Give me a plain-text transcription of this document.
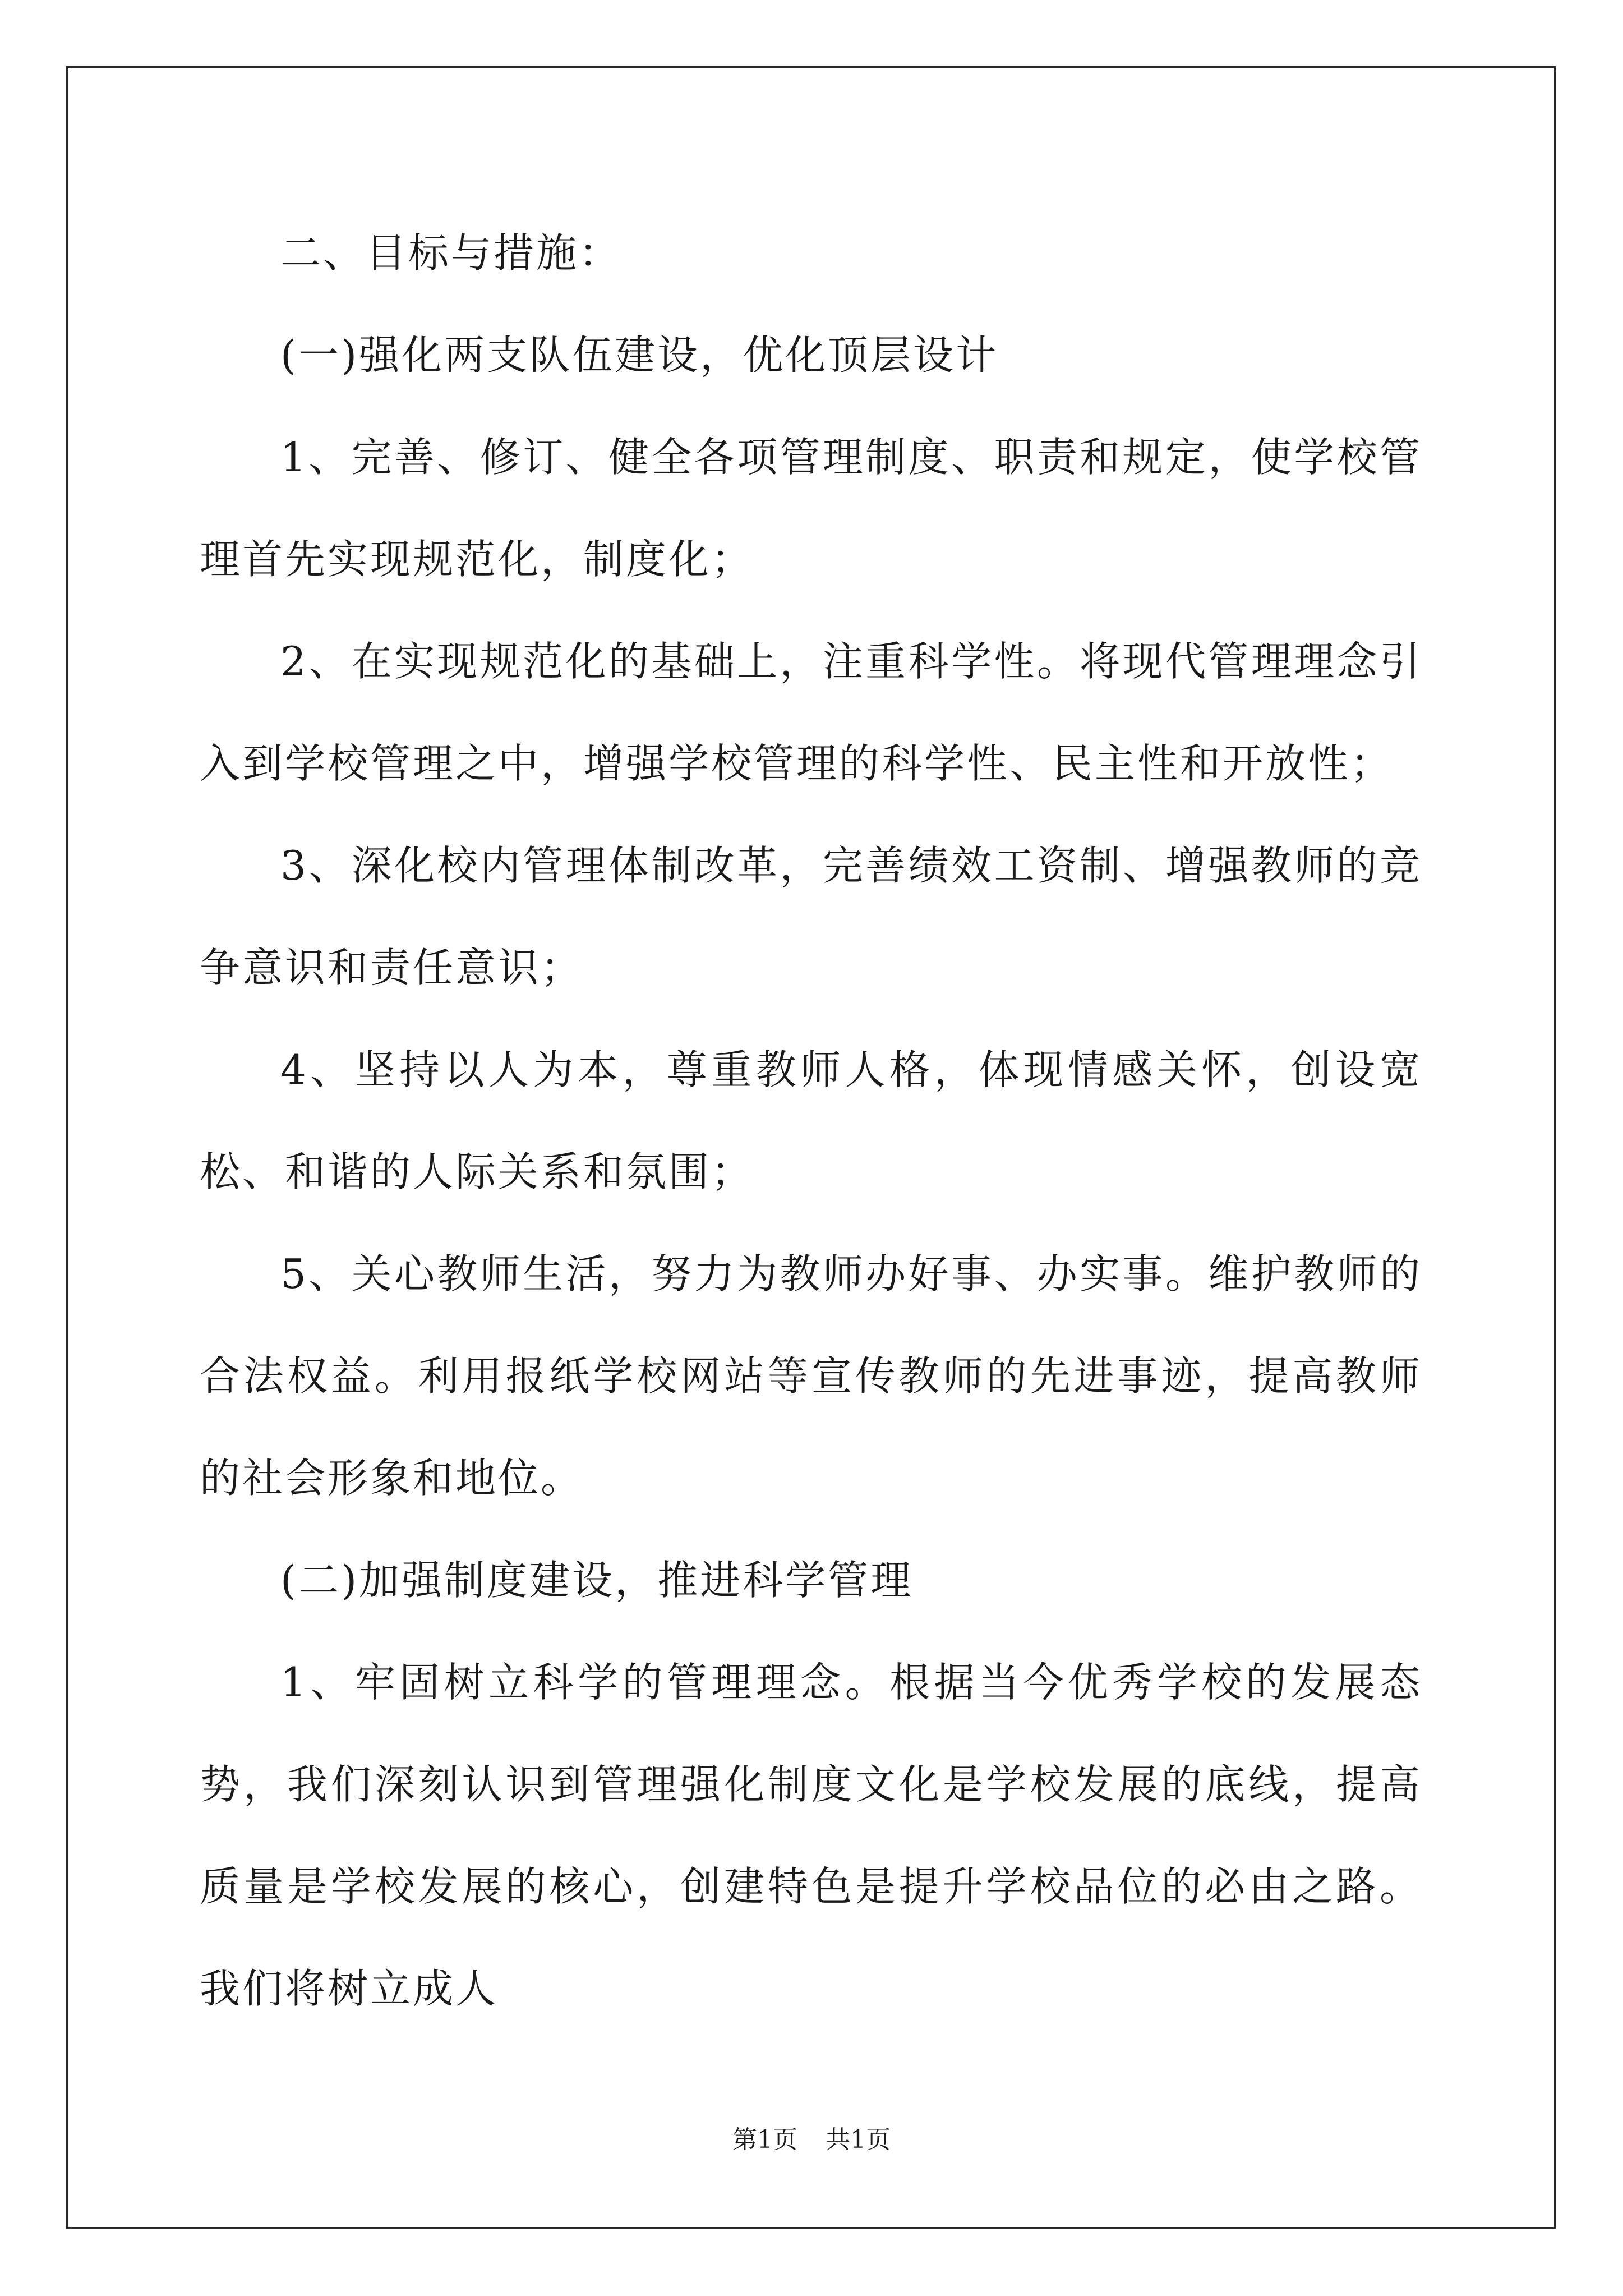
二、目标与措施：

(一)强化两支队伍建设，优化顶层设计

1、完善、修订、健全各项管理制度、职责和规定，使学校管理首先实现规范化，制度化；

2、在实现规范化的基础上，注重科学性。将现代管理理念引入到学校管理之中，增强学校管理的科学性、民主性和开放性；

3、深化校内管理体制改革，完善绩效工资制、增强教师的竞争意识和责任意识；

4、坚持以人为本，尊重教师人格，体现情感关怀，创设宽松、和谐的人际关系和氛围；

5、关心教师生活，努力为教师办好事、办实事。维护教师的合法权益。利用报纸学校网站等宣传教师的先进事迹，提高教师的社会形象和地位。

(二)加强制度建设，推进科学管理

1、牢固树立科学的管理理念。根据当今优秀学校的发展态势，我们深刻认识到管理强化制度文化是学校发展的底线，提高质量是学校发展的核心，创建特色是提升学校品位的必由之路。我们将树立成人

第1页 共1页
